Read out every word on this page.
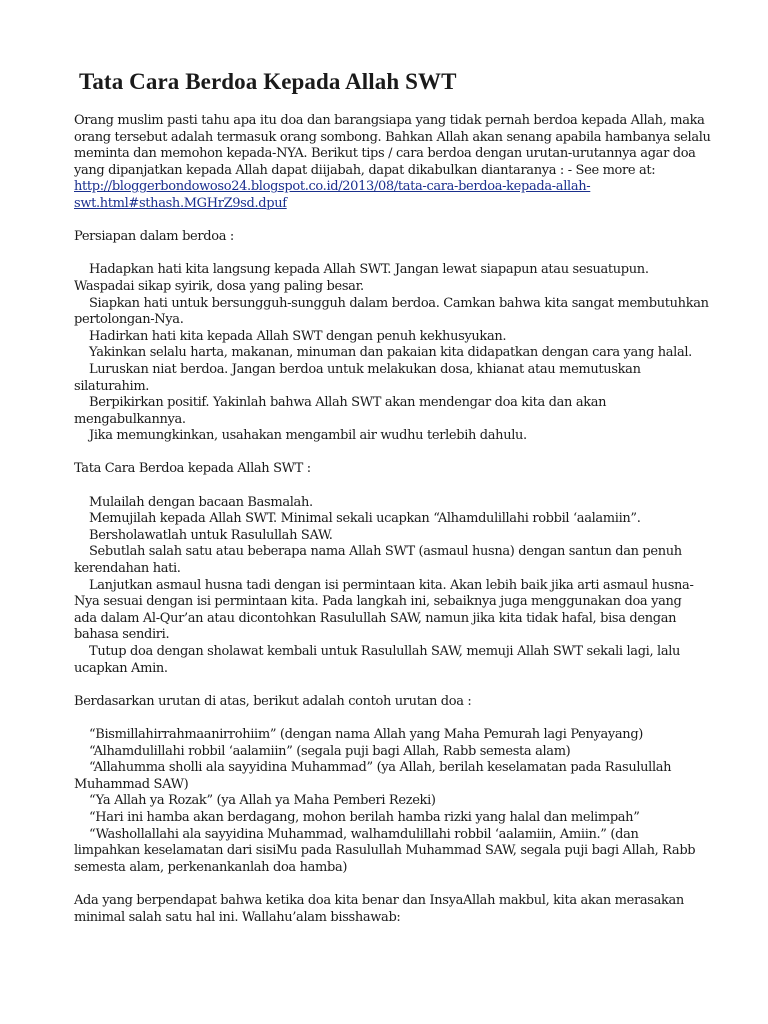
Tata Cara Berdoa Kepada Allah SWT
Orang muslim pasti tahu apa itu doa dan barangsiapa yang tidak pernah berdoa kepada Allah, maka
orang tersebut adalah termasuk orang sombong. Bahkan Allah akan senang apabila hambanya selalu
meminta dan memohon kepada-NYA. Berikut tips / cara berdoa dengan urutan-urutannya agar doa
yang dipanjatkan kepada Allah dapat diijabah, dapat dikabulkan diantaranya : - See more at:
http://bloggerbondowoso24.blogspot.co.id/2013/08/tata-cara-berdoa-kepada-allah-
swt.html#sthash.MGHrZ9sd.dpuf
Persiapan dalam berdoa :
Hadapkan hati kita langsung kepada Allah SWT. Jangan lewat siapapun atau sesuatupun.
Waspadai sikap syirik, dosa yang paling besar.
Siapkan hati untuk bersungguh-sungguh dalam berdoa. Camkan bahwa kita sangat membutuhkan
pertolongan-Nya.
Hadirkan hati kita kepada Allah SWT dengan penuh kekhusyukan.
Yakinkan selalu harta, makanan, minuman dan pakaian kita didapatkan dengan cara yang halal.
Luruskan niat berdoa. Jangan berdoa untuk melakukan dosa, khianat atau memutuskan
silaturahim.
Berpikirkan positif. Yakinlah bahwa Allah SWT akan mendengar doa kita dan akan
mengabulkannya.
Jika memungkinkan, usahakan mengambil air wudhu terlebih dahulu.
Tata Cara Berdoa kepada Allah SWT :
Mulailah dengan bacaan Basmalah.
Memujilah kepada Allah SWT. Minimal sekali ucapkan “Alhamdulillahi robbil ‘aalamiin”.
Bersholawatlah untuk Rasulullah SAW.
Sebutlah salah satu atau beberapa nama Allah SWT (asmaul husna) dengan santun dan penuh
kerendahan hati.
Lanjutkan asmaul husna tadi dengan isi permintaan kita. Akan lebih baik jika arti asmaul husna-
Nya sesuai dengan isi permintaan kita. Pada langkah ini, sebaiknya juga menggunakan doa yang
ada dalam Al-Qur’an atau dicontohkan Rasulullah SAW, namun jika kita tidak hafal, bisa dengan
bahasa sendiri.
Tutup doa dengan sholawat kembali untuk Rasulullah SAW, memuji Allah SWT sekali lagi, lalu
ucapkan Amin.
Berdasarkan urutan di atas, berikut adalah contoh urutan doa :
“Bismillahirrahmaanirrohiim” (dengan nama Allah yang Maha Pemurah lagi Penyayang)
“Alhamdulillahi robbil ‘aalamiin” (segala puji bagi Allah, Rabb semesta alam)
“Allahumma sholli ala sayyidina Muhammad” (ya Allah, berilah keselamatan pada Rasulullah
Muhammad SAW)
“Ya Allah ya Rozak” (ya Allah ya Maha Pemberi Rezeki)
“Hari ini hamba akan berdagang, mohon berilah hamba rizki yang halal dan melimpah”
“Washollallahi ala sayyidina Muhammad, walhamdulillahi robbil ‘aalamiin, Amiin.” (dan
limpahkan keselamatan dari sisiMu pada Rasulullah Muhammad SAW, segala puji bagi Allah, Rabb
semesta alam, perkenankanlah doa hamba)
Ada yang berpendapat bahwa ketika doa kita benar dan InsyaAllah makbul, kita akan merasakan
minimal salah satu hal ini. Wallahu’alam bisshawab:
